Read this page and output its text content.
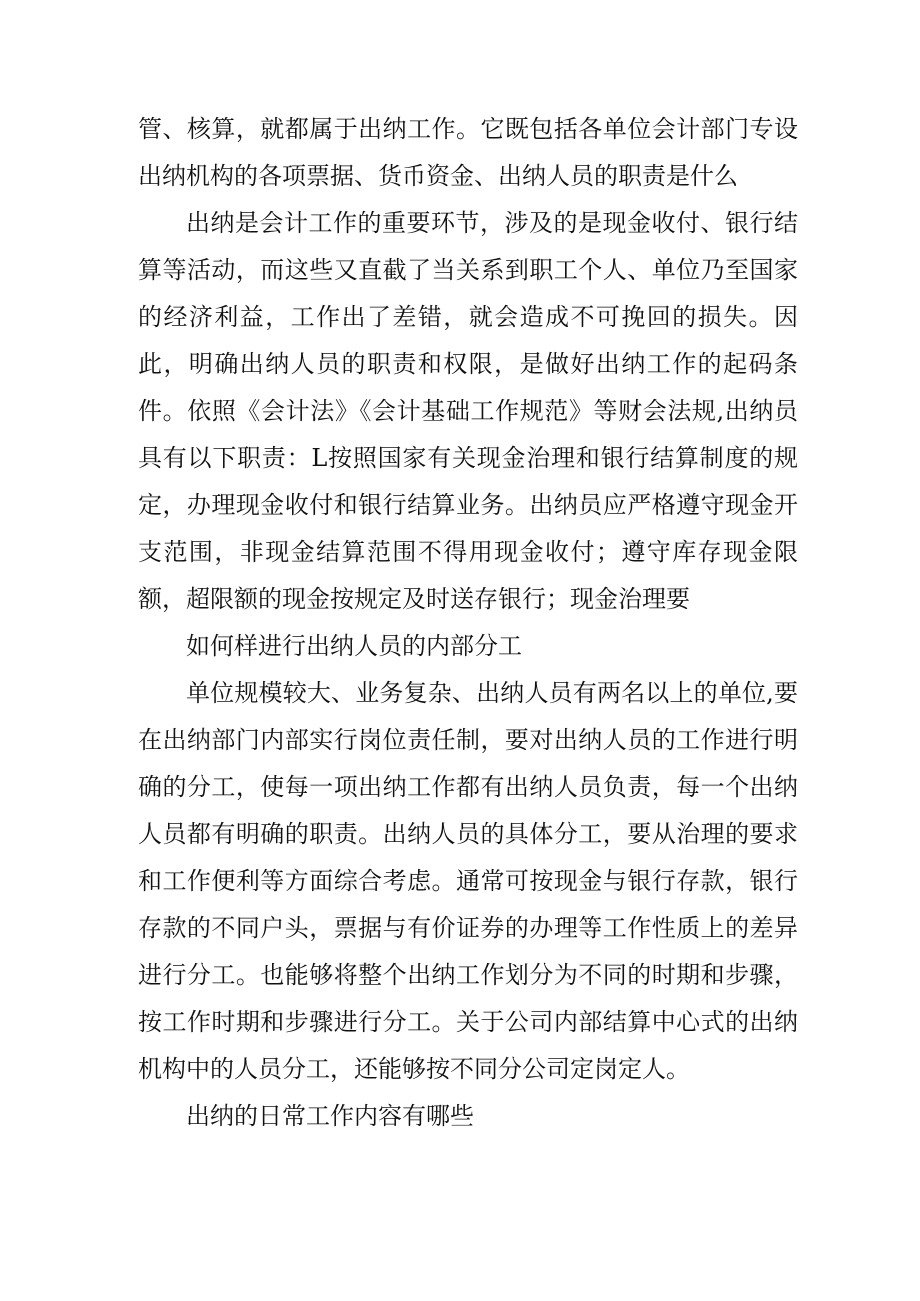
管、核算，就都属于出纳工作。它既包括各单位会计部门专设出纳机构的各项票据、货币资金、出纳人员的职责是什么

出纳是会计工作的重要环节，涉及的是现金收付、银行结算等活动，而这些又直截了当关系到职工个人、单位乃至国家的经济利益，工作出了差错，就会造成不可挽回的损失。因此，明确出纳人员的职责和权限，是做好出纳工作的起码条件。依照《会计法》《会计基础工作规范》等财会法规,出纳员具有以下职责：L按照国家有关现金治理和银行结算制度的规定，办理现金收付和银行结算业务。出纳员应严格遵守现金开支范围，非现金结算范围不得用现金收付；遵守库存现金限额，超限额的现金按规定及时送存银行；现金治理要

如何样进行出纳人员的内部分工

单位规模较大、业务复杂、出纳人员有两名以上的单位,要在出纳部门内部实行岗位责任制，要对出纳人员的工作进行明确的分工，使每一项出纳工作都有出纳人员负责，每一个出纳人员都有明确的职责。出纳人员的具体分工，要从治理的要求和工作便利等方面综合考虑。通常可按现金与银行存款，银行存款的不同户头，票据与有价证券的办理等工作性质上的差异进行分工。也能够将整个出纳工作划分为不同的时期和步骤，按工作时期和步骤进行分工。关于公司内部结算中心式的出纳机构中的人员分工，还能够按不同分公司定岗定人。

出纳的日常工作内容有哪些
